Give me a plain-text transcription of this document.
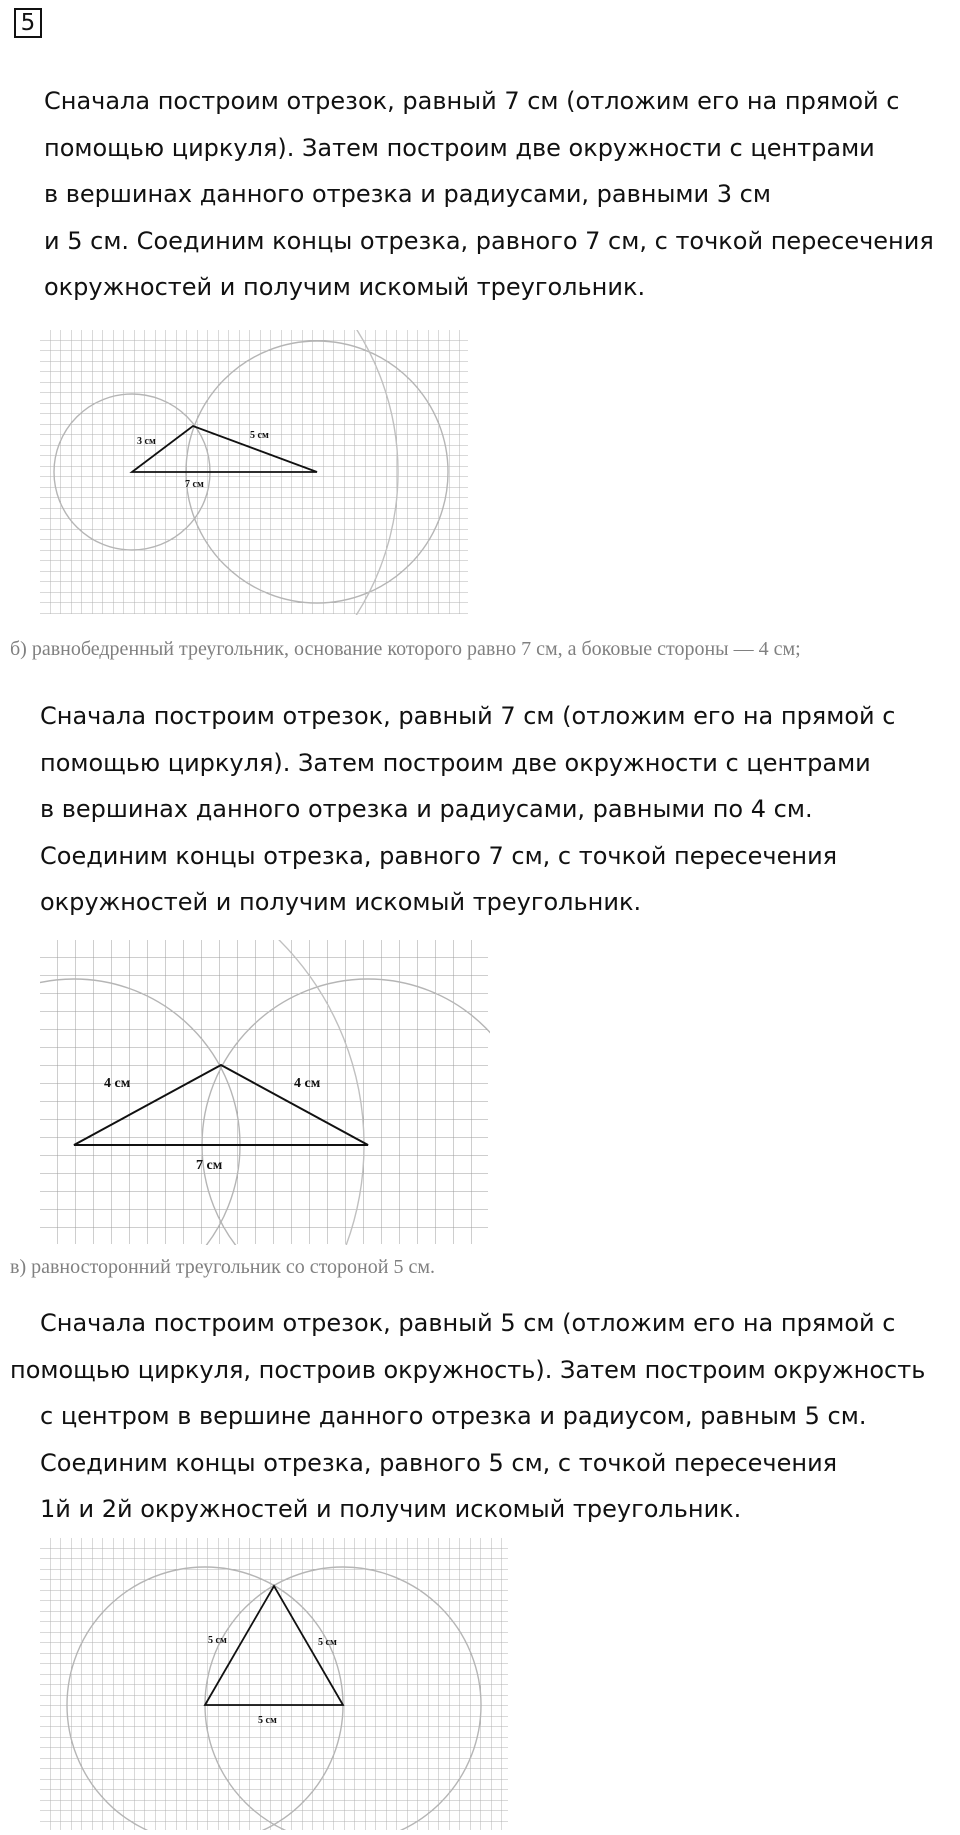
5
Сначала построим отрезок, равный 7 см (отложим его на прямой с
помощью циркуля). Затем построим две окружности с центрами
в вершинах данного отрезка и радиусами, равными 3 см
и 5 см. Соединим концы отрезка, равного 7 см, с точкой пересечения
окружностей и получим искомый треугольник.
3 см
5 см
7 см
б) равнобедренный треугольник, основание которого равно 7 см, а боковые стороны — 4 см;
Сначала построим отрезок, равный 7 см (отложим его на прямой с
помощью циркуля). Затем построим две окружности с центрами
в вершинах данного отрезка и радиусами, равными по 4 см.
Соединим концы отрезка, равного 7 см, с точкой пересечения
окружностей и получим искомый треугольник.
4 см	4 см
7 см
в) равносторонний треугольник со стороной 5 см.
Сначала построим отрезок, равный 5 см (отложим его на прямой с
помощью циркуля, построив окружность). Затем построим окружность
с центром в вершине данного отрезка и радиусом, равным 5 см.
Соединим концы отрезка, равного 5 см, с точкой пересечения
1й и 2й окружностей и получим искомый треугольник.
5 см	5 см
5 см
